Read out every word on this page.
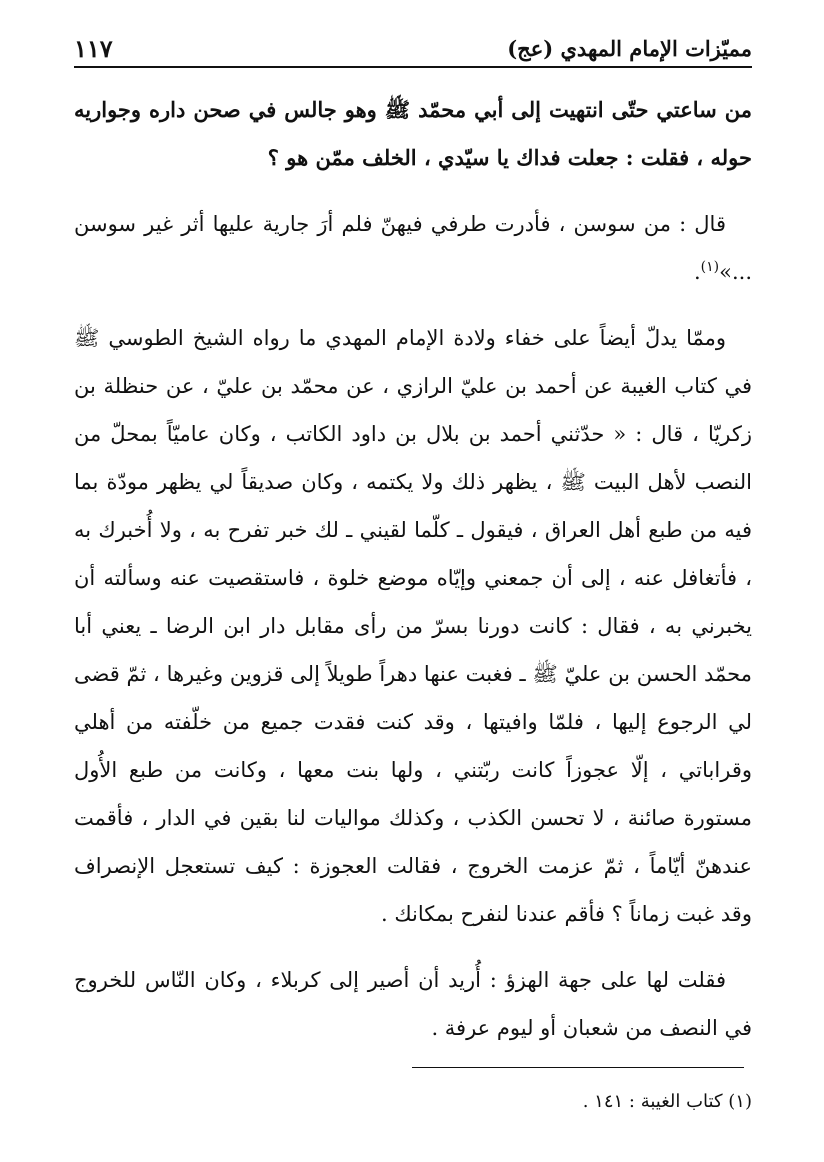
مميّزات الإمام المهدي (عج)
١١٧

من ساعتي حتّى انتهيت إلى أبي محمّد ﷺ وهو جالس في صحن داره وجواريه حوله ، فقلت : جعلت فداك يا سيّدي ، الخلف ممّن هو ؟

قال : من سوسن ، فأدرت طرفي فيهنّ فلم أرَ جارية عليها أثر غير سوسن ...»$^{(١)}$.

وممّا يدلّ أيضاً على خفاء ولادة الإمام المهدي ما رواه الشيخ الطوسي ﷺ في كتاب الغيبة عن أحمد بن عليّ الرازي ، عن محمّد بن عليّ ، عن حنظلة بن زكريّا ، قال : « حدّثني أحمد بن بلال بن داود الكاتب ، وكان عاميّاً بمحلّ من النصب لأهل البيت ﷺ ، يظهر ذلك ولا يكتمه ، وكان صديقاً لي يظهر مودّة بما فيه من طبع أهل العراق ، فيقول ـ كلّما لقيني ـ لك خبر تفرح به ، ولا أُخبرك به ، فأتغافل عنه ، إلى أن جمعني وإيّاه موضع خلوة ، فاستقصيت عنه وسألته أن يخبرني به ، فقال : كانت دورنا بسرّ من رأى مقابل دار ابن الرضا ـ يعني أبا محمّد الحسن بن عليّ ﷺ ـ فغبت عنها دهراً طويلاً إلى قزوين وغيرها ، ثمّ قضى لي الرجوع إليها ، فلمّا وافيتها ، وقد كنت فقدت جميع من خلّفته من أهلي وقراباتي ، إلّا عجوزاً كانت ربّتني ، ولها بنت معها ، وكانت من طبع الأُول مستورة صائنة ، لا تحسن الكذب ، وكذلك مواليات لنا بقين في الدار ، فأقمت عندهنّ أيّاماً ، ثمّ عزمت الخروج ، فقالت العجوزة : كيف تستعجل الإنصراف وقد غبت زماناً ؟ فأقم عندنا لنفرح بمكانك .

فقلت لها على جهة الهزؤ : أُريد أن أصير إلى كربلاء ، وكان النّاس للخروج في النصف من شعبان أو ليوم عرفة .

(١) كتاب الغيبة : ١٤١ .
